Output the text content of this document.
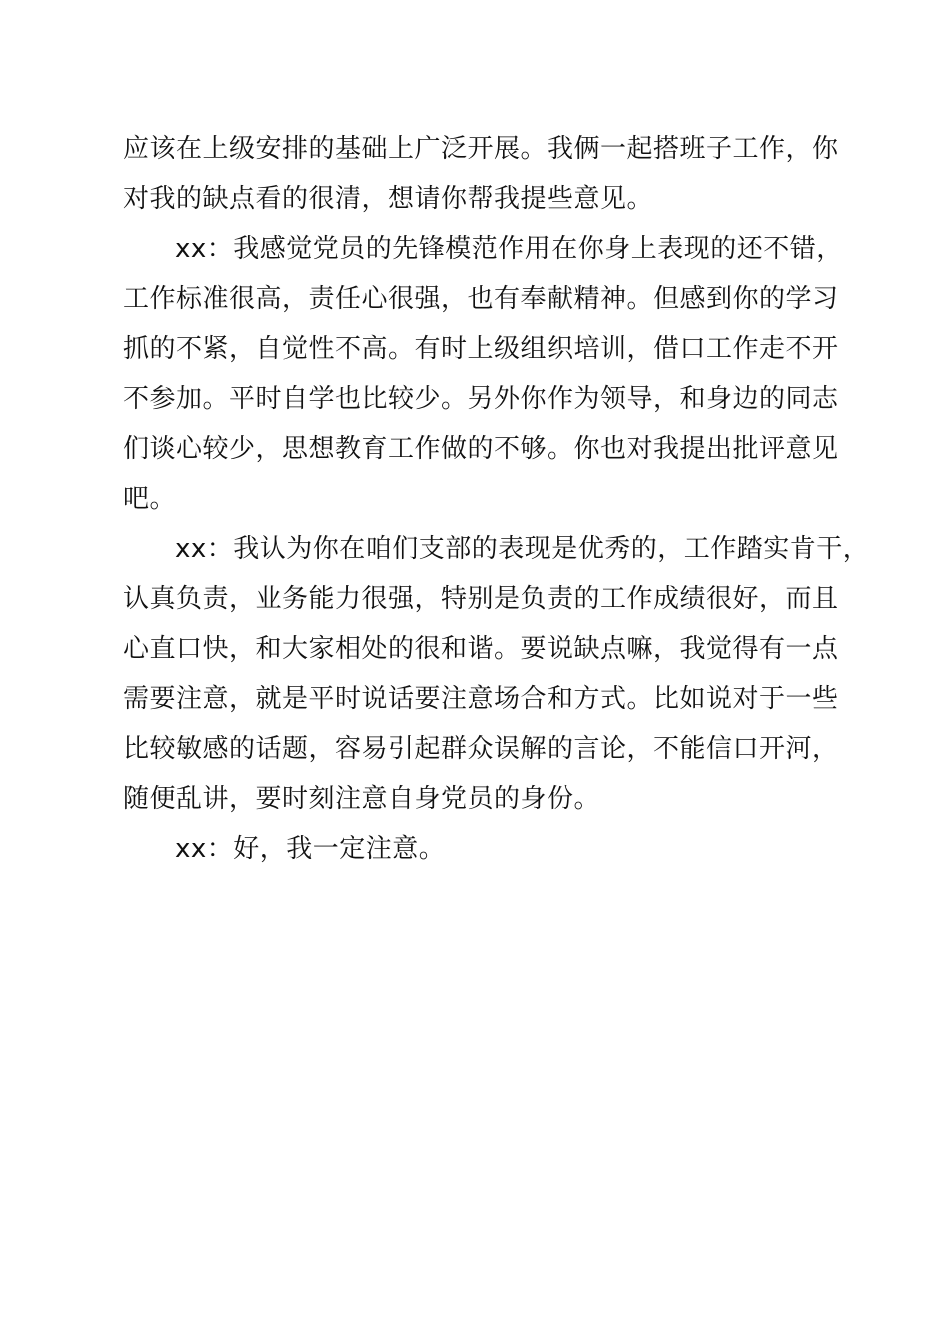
应该在上级安排的基础上广泛开展。我俩一起搭班子工作，你
对我的缺点看的很清，想请你帮我提些意见。
xx：我感觉党员的先锋模范作用在你身上表现的还不错，
工作标准很高，责任心很强，也有奉献精神。但感到你的学习
抓的不紧，自觉性不高。有时上级组织培训，借口工作走不开
不参加。平时自学也比较少。另外你作为领导，和身边的同志
们谈心较少，思想教育工作做的不够。你也对我提出批评意见
吧。
xx：我认为你在咱们支部的表现是优秀的，工作踏实肯干，
认真负责，业务能力很强，特别是负责的工作成绩很好，而且
心直口快，和大家相处的很和谐。要说缺点嘛，我觉得有一点
需要注意，就是平时说话要注意场合和方式。比如说对于一些
比较敏感的话题，容易引起群众误解的言论，不能信口开河，
随便乱讲，要时刻注意自身党员的身份。
xx：好，我一定注意。
